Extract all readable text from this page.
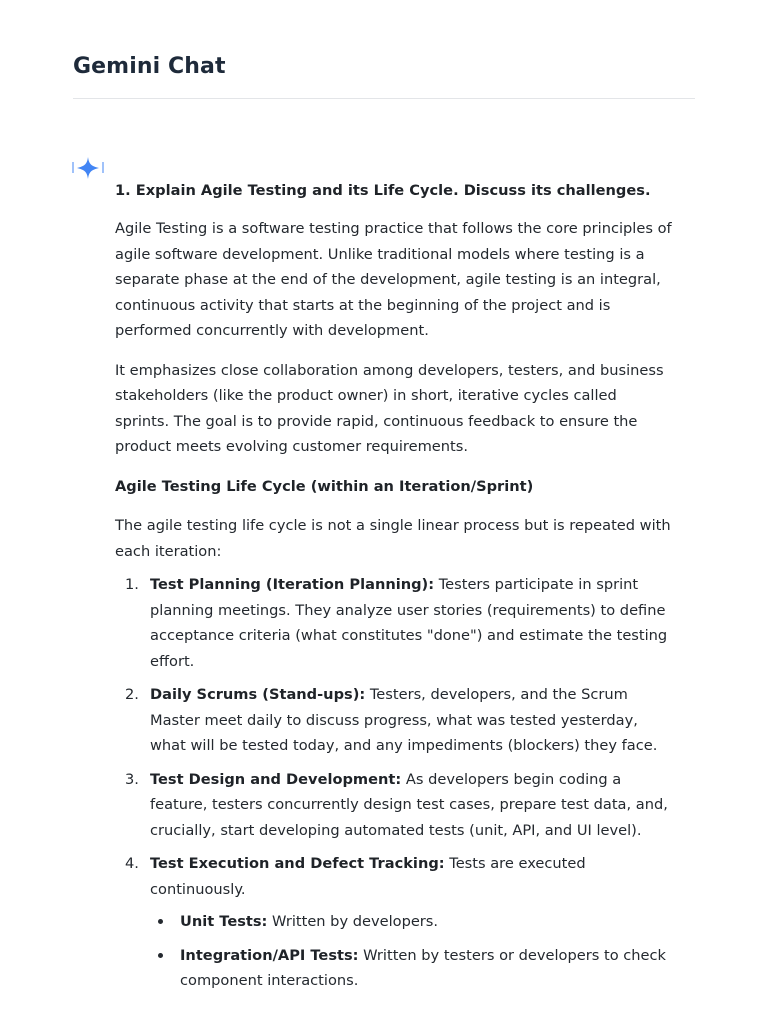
Gemini Chat

1. Explain Agile Testing and its Life Cycle. Discuss its challenges.

Agile Testing is a software testing practice that follows the core principles of agile software development. Unlike traditional models where testing is a separate phase at the end of the development, agile testing is an integral, continuous activity that starts at the beginning of the project and is performed concurrently with development.

It emphasizes close collaboration among developers, testers, and business stakeholders (like the product owner) in short, iterative cycles called sprints. The goal is to provide rapid, continuous feedback to ensure the product meets evolving customer requirements.

Agile Testing Life Cycle (within an Iteration/Sprint)

The agile testing life cycle is not a single linear process but is repeated with each iteration:

1. Test Planning (Iteration Planning): Testers participate in sprint planning meetings. They analyze user stories (requirements) to define acceptance criteria (what constitutes "done") and estimate the testing effort.
2. Daily Scrums (Stand-ups): Testers, developers, and the Scrum Master meet daily to discuss progress, what was tested yesterday, what will be tested today, and any impediments (blockers) they face.
3. Test Design and Development: As developers begin coding a feature, testers concurrently design test cases, prepare test data, and, crucially, start developing automated tests (unit, API, and UI level).
4. Test Execution and Defect Tracking: Tests are executed continuously.
Unit Tests: Written by developers.
Integration/API Tests: Written by testers or developers to check component interactions.
